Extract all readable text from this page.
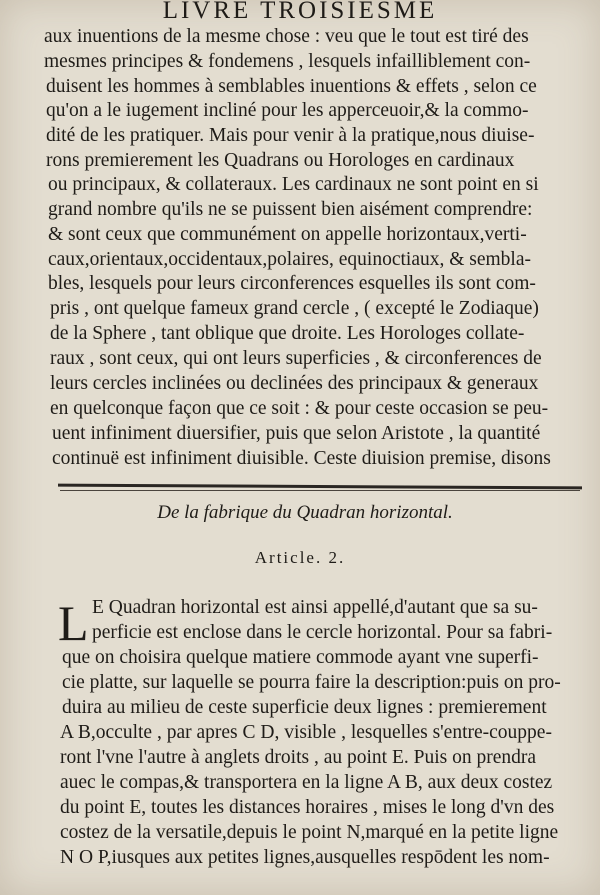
LIVRE TROISIESME
aux inuentions de la mesme chose : veu que le tout est tiré des
mesmes principes & fondemens , lesquels infailliblement con-
duisent les hommes à semblables inuentions & effets , selon ce
qu'on a le iugement incliné pour les apperceuoir,& la commo-
dité de les pratiquer. Mais pour venir à la pratique,nous diuise-
rons premierement les Quadrans ou Horologes en cardinaux
ou principaux, & collateraux. Les cardinaux ne sont point en si
grand nombre qu'ils ne se puissent bien aisément comprendre:
& sont ceux que communément on appelle horizontaux,verti-
caux,orientaux,occidentaux,polaires, equinoctiaux, & sembla-
bles, lesquels pour leurs circonferences esquelles ils sont com-
pris , ont quelque fameux grand cercle , ( excepté le Zodiaque)
de la Sphere , tant oblique que droite. Les Horologes collate-
raux , sont ceux, qui ont leurs superficies , & circonferences de
leurs cercles inclinées ou declinées des principaux & generaux
en quelconque façon que ce soit : & pour ceste occasion se peu-
uent infiniment diuersifier, puis que selon Aristote , la quantité
continuë est infiniment diuisible. Ceste diuision premise, disons
De la fabrique du Quadran horizontal.
Article. 2.
L E Quadran horizontal est ainsi appellé,d'autant que sa su-
perficie est enclose dans le cercle horizontal. Pour sa fabri-
que on choisira quelque matiere commode ayant vne superfi-
cie platte, sur laquelle se pourra faire la description:puis on pro-
duira au milieu de ceste superficie deux lignes : premierement
A B,occulte , par apres C D, visible , lesquelles s'entre-couppe-
ront l'vne l'autre à anglets droits , au point E. Puis on prendra
auec le compas,& transportera en la ligne A B, aux deux costez
du point E, toutes les distances horaires , mises le long d'vn des
costez de la versatile,depuis le point N,marqué en la petite ligne
N O P,iusques aux petites lignes,ausquelles respōdent les nom-
